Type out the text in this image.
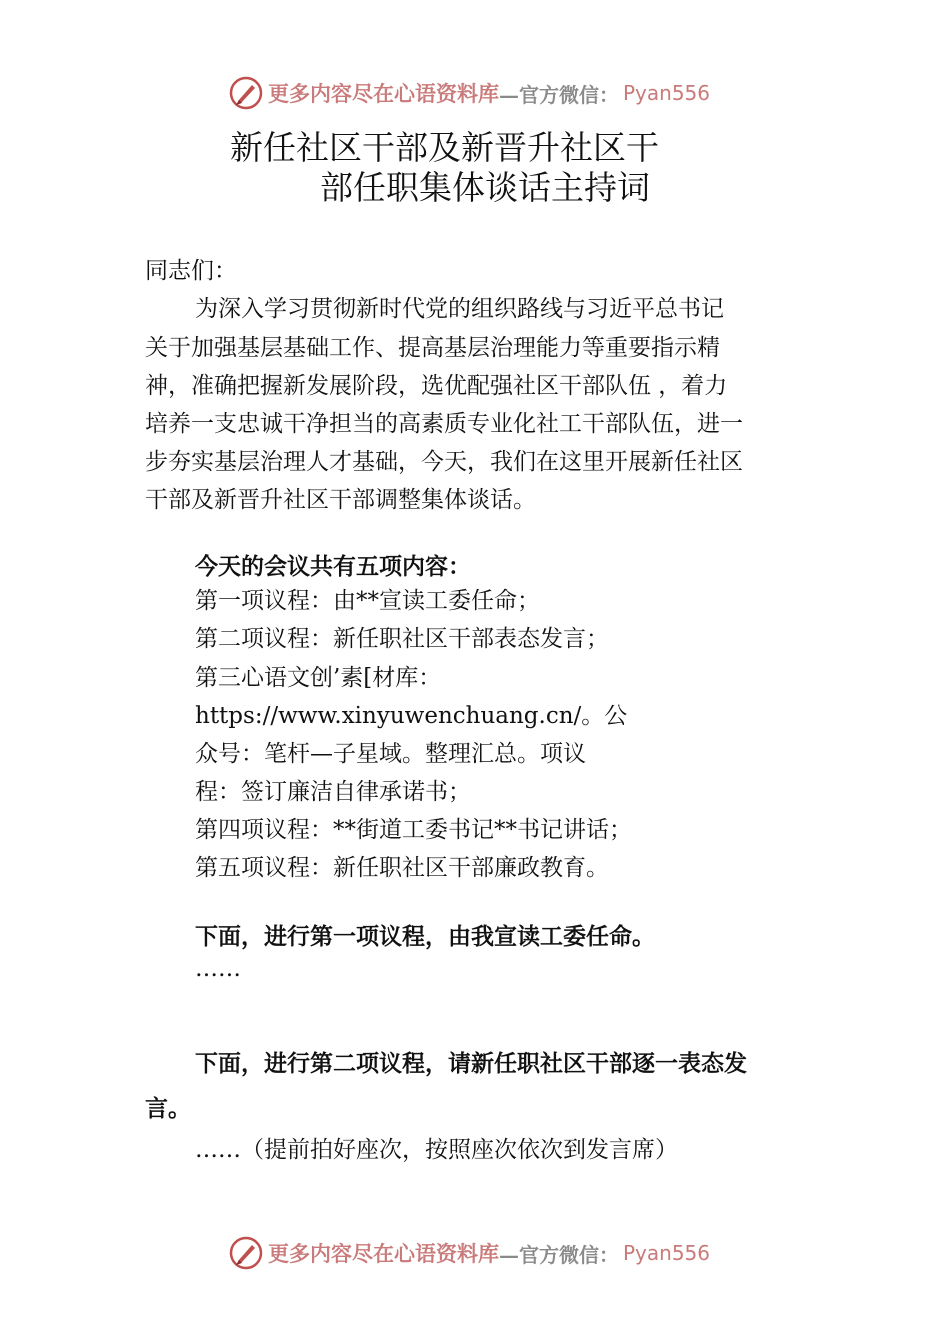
更多内容尽在心语资料库 —官方微信： Pyan556
新任社区干部及新晋升社区干
部任职集体谈话主持词
同志们：
为深入学习贯彻新时代党的组织路线与习近平总书记
关于加强基层基础工作、提高基层治理能力等重要指示精
神，准确把握新发展阶段，选优配强社区干部队伍 ，着力
培养一支忠诚干净担当的高素质专业化社工干部队伍，进一
步夯实基层治理人才基础，今天，我们在这里开展新任社区
干部及新晋升社区干部调整集体谈话。
今天的会议共有五项内容：
第一项议程：由**宣读工委任命；
第二项议程：新任职社区干部表态发言；
第三心语文创’素[材库：
https://www.xinyuwenchuang.cn/。公
众号：笔杆—子星域。整理汇总。项议
程：签订廉洁自律承诺书；
第四项议程：**街道工委书记**书记讲话；
第五项议程：新任职社区干部廉政教育。
下面，进行第一项议程，由我宣读工委任命。
……
下面，进行第二项议程，请新任职社区干部逐一表态发
言。
……（提前拍好座次，按照座次依次到发言席）
更多内容尽在心语资料库 —官方微信： Pyan556
